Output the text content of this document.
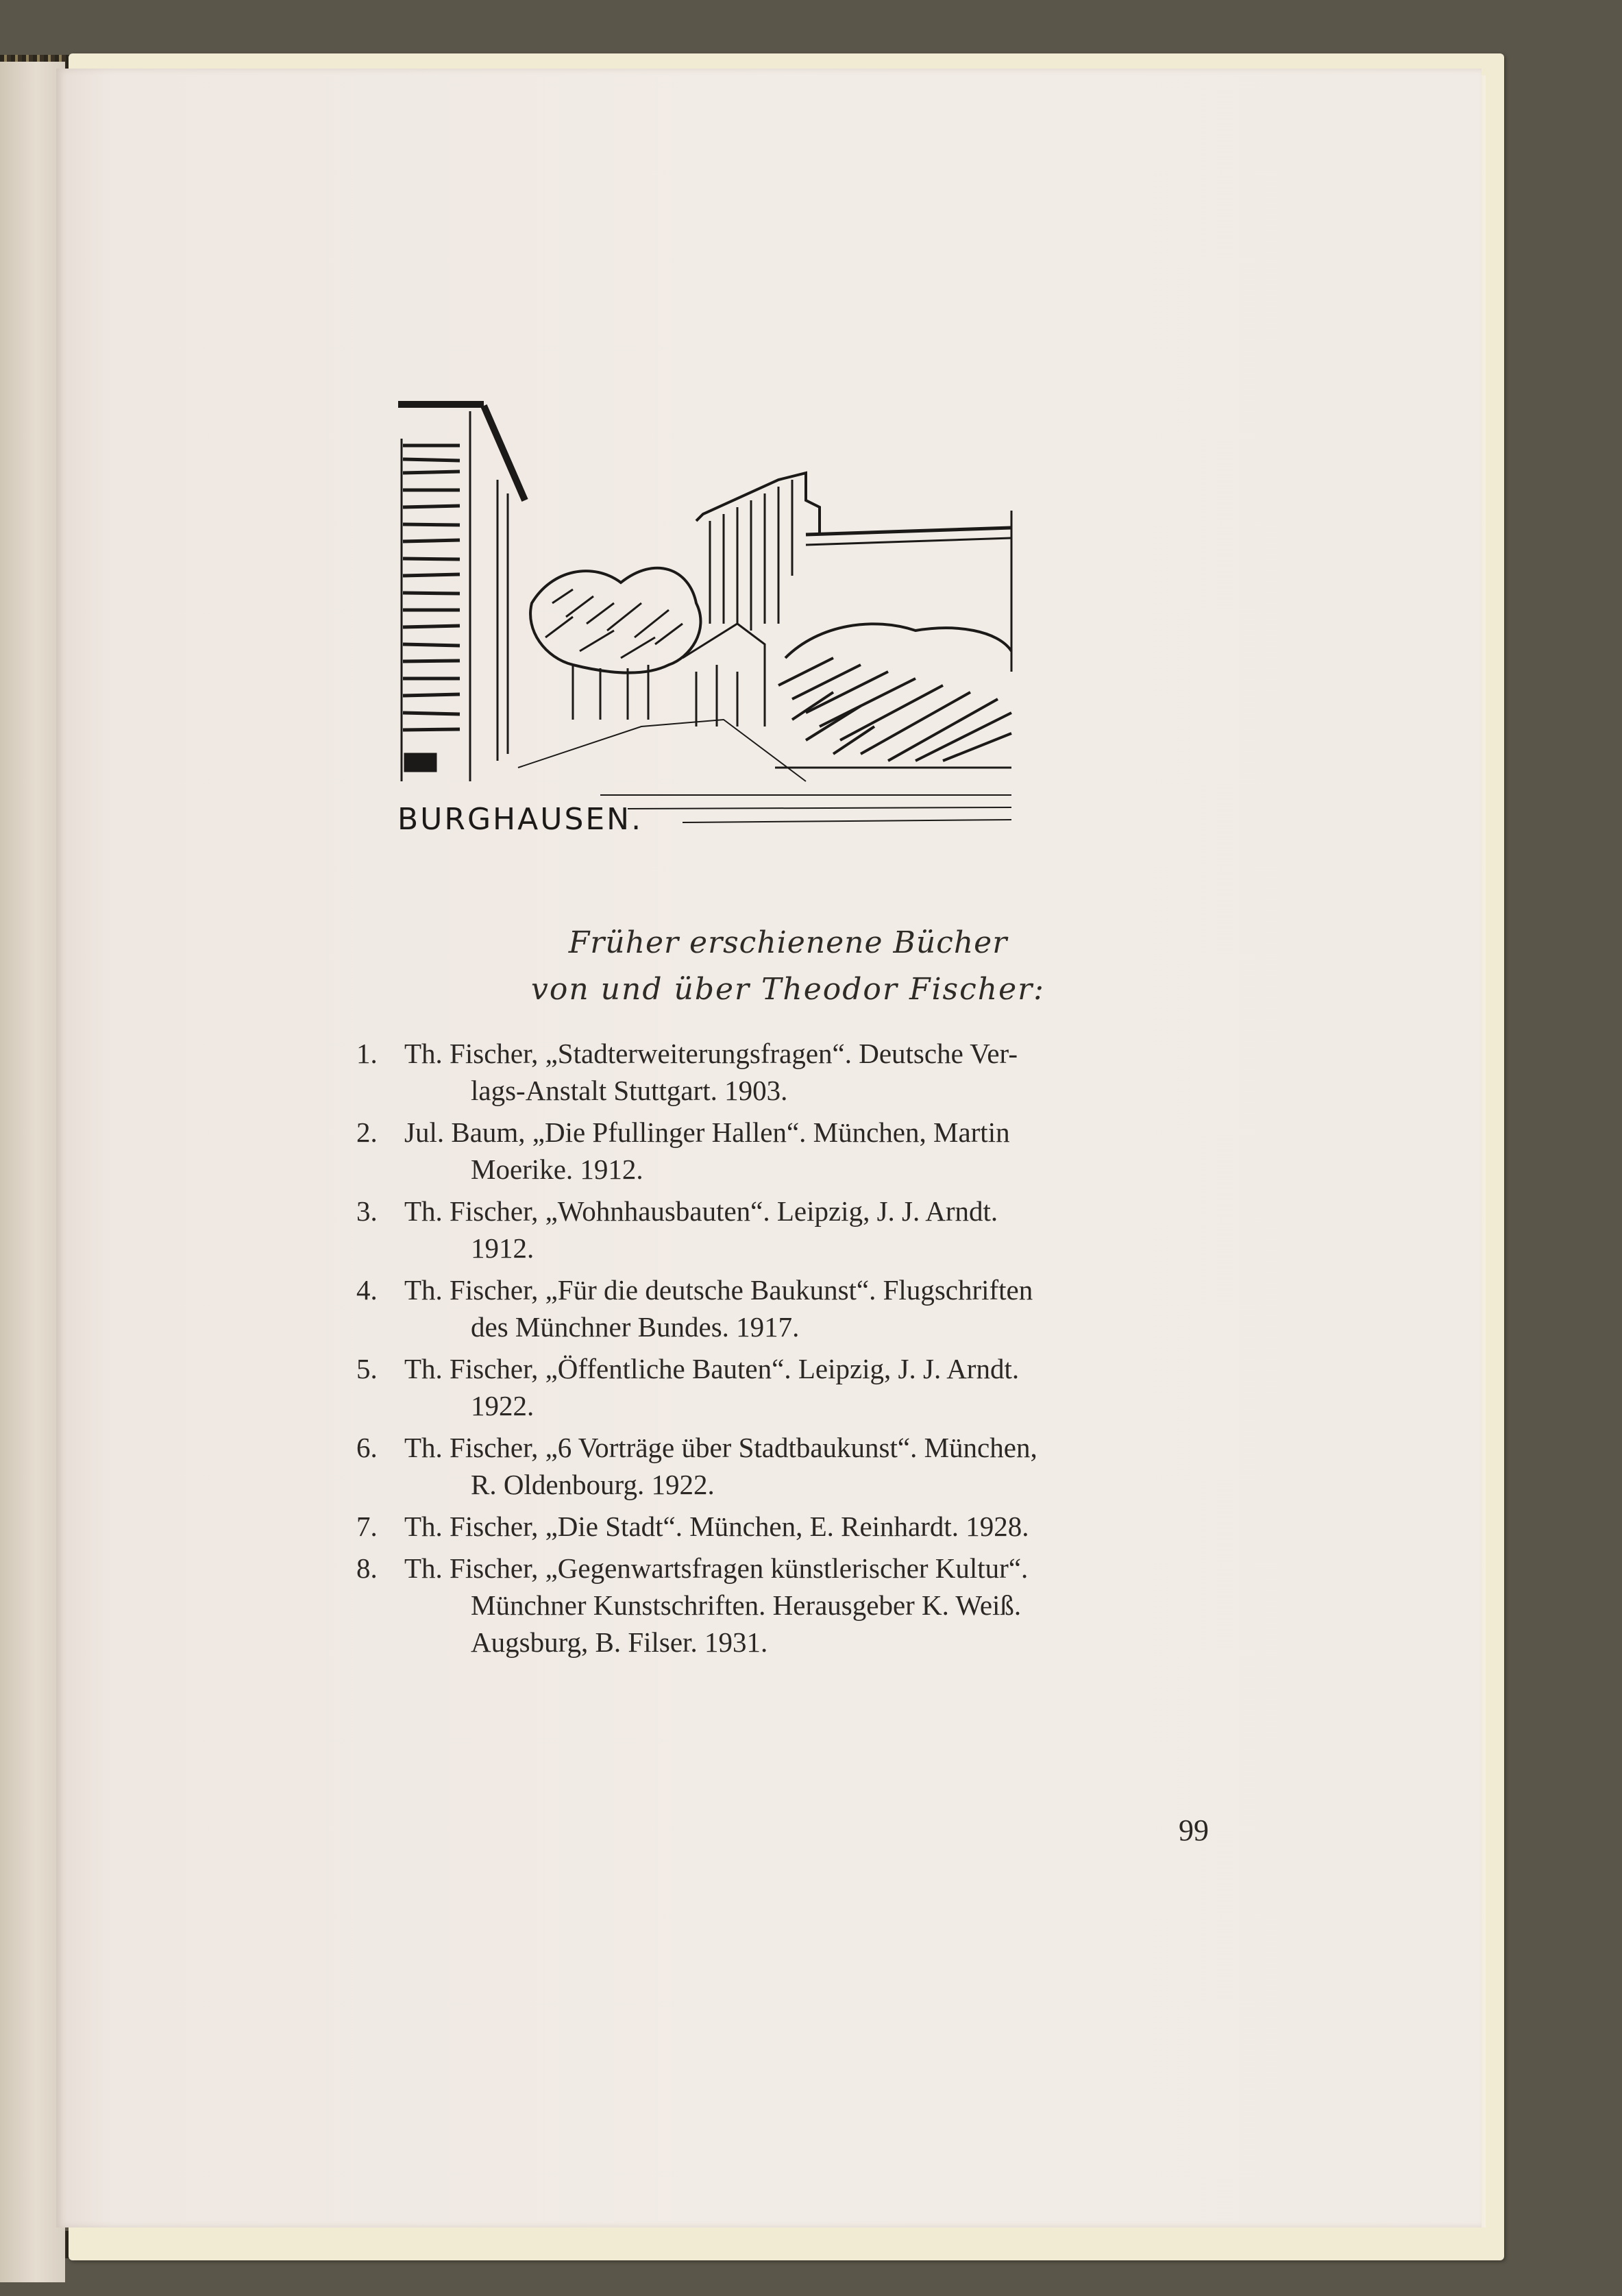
BURGHAUSEN.
Früher erschienene Bücher
von und über Theodor Fischer:
1. Th. Fischer, „Stadterweiterungsfragen“. Deutsche Ver-
lags-Anstalt Stuttgart. 1903.
2. Jul. Baum, „Die Pfullinger Hallen“. München, Martin
Moerike. 1912.
3. Th. Fischer, „Wohnhausbauten“. Leipzig, J. J. Arndt.
1912.
4. Th. Fischer, „Für die deutsche Baukunst“. Flugschriften
des Münchner Bundes. 1917.
5. Th. Fischer, „Öffentliche Bauten“. Leipzig, J. J. Arndt.
1922.
6. Th. Fischer, „6 Vorträge über Stadtbaukunst“. München,
R. Oldenbourg. 1922.
7. Th. Fischer, „Die Stadt“. München, E. Reinhardt. 1928.
8. Th. Fischer, „Gegenwartsfragen künstlerischer Kultur“.
Münchner Kunstschriften. Herausgeber K. Weiß.
Augsburg, B. Filser. 1931.
99
